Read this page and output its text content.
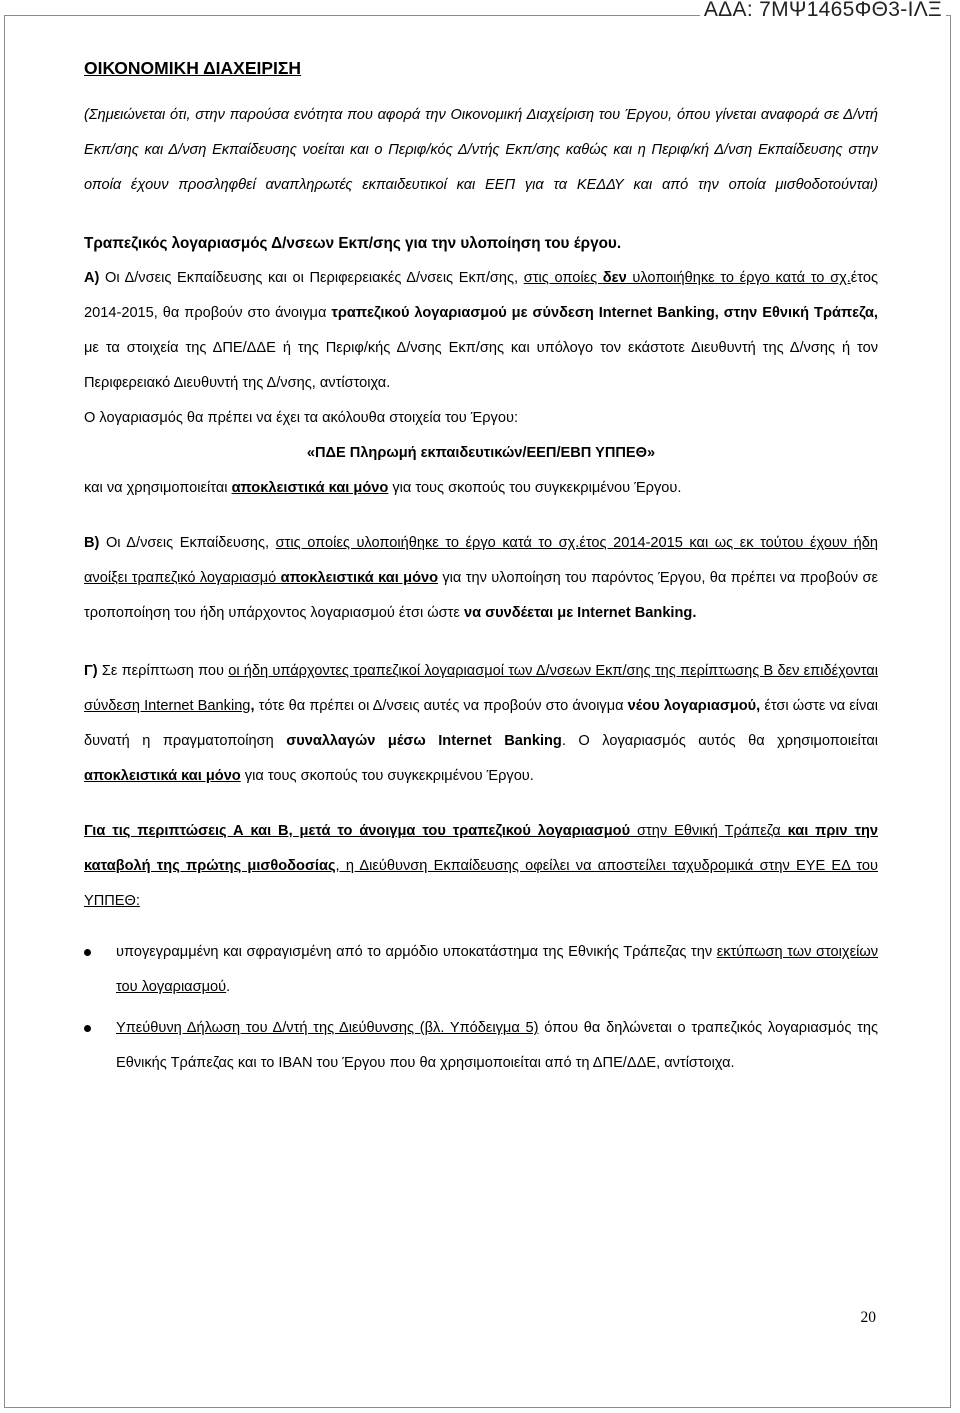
ΑΔΑ: 7ΜΨ1465ΦΘ3-ΙΛΞ
ΟΙΚΟΝΟΜΙΚΗ ΔΙΑΧΕΙΡΙΣΗ

(Σημειώνεται ότι, στην παρούσα ενότητα που αφορά την Οικονομική Διαχείριση του Έργου, όπου γίνεται αναφορά σε Δ/ντή Εκπ/σης και Δ/νση Εκπαίδευσης νοείται και ο Περιφ/κός Δ/ντής Εκπ/σης καθώς και η Περιφ/κή Δ/νση Εκπαίδευσης στην οποία έχουν προσληφθεί αναπληρωτές εκπαιδευτικοί και ΕΕΠ για τα ΚΕΔΔΥ και από την οποία μισθοδοτούνται)

Τραπεζικός λογαριασμός Δ/νσεων Εκπ/σης για την υλοποίηση του έργου.

Α) Οι Δ/νσεις Εκπαίδευσης και οι Περιφερειακές Δ/νσεις Εκπ/σης, στις οποίες δεν υλοποιήθηκε το έργο κατά το σχ.έτος 2014-2015, θα προβούν στο άνοιγμα τραπεζικού λογαριασμού με σύνδεση Internet Banking, στην Εθνική Τράπεζα, με τα στοιχεία της ΔΠΕ/ΔΔΕ ή της Περιφ/κής Δ/νσης Εκπ/σης και υπόλογο τον εκάστοτε Διευθυντή της Δ/νσης ή τον Περιφερειακό Διευθυντή της Δ/νσης, αντίστοιχα.

Ο λογαριασμός θα πρέπει να έχει τα ακόλουθα στοιχεία του Έργου:

«ΠΔΕ Πληρωμή εκπαιδευτικών/ΕΕΠ/ΕΒΠ ΥΠΠΕΘ»

και να χρησιμοποιείται αποκλειστικά και μόνο για τους σκοπούς του συγκεκριμένου Έργου.

Β) Οι Δ/νσεις Εκπαίδευσης, στις οποίες υλοποιήθηκε το έργο κατά το σχ.έτος 2014-2015 και ως εκ τούτου έχουν ήδη ανοίξει τραπεζικό λογαριασμό αποκλειστικά και μόνο για την υλοποίηση του παρόντος Έργου, θα πρέπει να προβούν σε τροποποίηση του ήδη υπάρχοντος λογαριασμού έτσι ώστε να συνδέεται με Internet Banking.

Γ) Σε περίπτωση που οι ήδη υπάρχοντες τραπεζικοί λογαριασμοί των Δ/νσεων Εκπ/σης της περίπτωσης Β δεν επιδέχονται σύνδεση Internet Banking, τότε θα πρέπει οι Δ/νσεις αυτές να προβούν στο άνοιγμα νέου λογαριασμού, έτσι ώστε να είναι δυνατή η πραγματοποίηση συναλλαγών μέσω Internet Banking. Ο λογαριασμός αυτός θα χρησιμοποιείται αποκλειστικά και μόνο για τους σκοπούς του συγκεκριμένου Έργου.

Για τις περιπτώσεις Α και Β, μετά το άνοιγμα του τραπεζικού λογαριασμού στην Εθνική Τράπεζα και πριν την καταβολή της πρώτης μισθοδοσίας, η Διεύθυνση Εκπαίδευσης οφείλει να αποστείλει ταχυδρομικά στην ΕΥΕ ΕΔ του ΥΠΠΕΘ:

υπογεγραμμένη και σφραγισμένη από το αρμόδιο υποκατάστημα της Εθνικής Τράπεζας την εκτύπωση των στοιχείων του λογαριασμού.
Υπεύθυνη Δήλωση του Δ/ντή της Διεύθυνσης (βλ. Υπόδειγμα 5) όπου θα δηλώνεται ο τραπεζικός λογαριασμός της Εθνικής Τράπεζας και το IBAN του Έργου που θα χρησιμοποιείται από τη ΔΠΕ/ΔΔΕ, αντίστοιχα.
20
